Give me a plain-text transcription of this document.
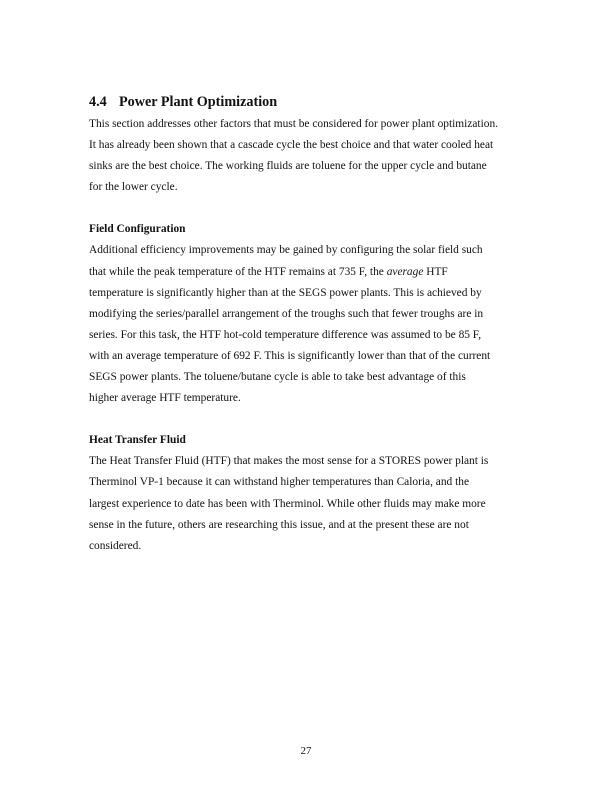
4.4 Power Plant Optimization

This section addresses other factors that must be considered for power plant optimization.
It has already been shown that a cascade cycle the best choice and that water cooled heat
sinks are the best choice. The working fluids are toluene for the upper cycle and butane
for the lower cycle.

Field Configuration

Additional efficiency improvements may be gained by configuring the solar field such
that while the peak temperature of the HTF remains at 735 F, the average HTF
temperature is significantly higher than at the SEGS power plants. This is achieved by
modifying the series/parallel arrangement of the troughs such that fewer troughs are in
series. For this task, the HTF hot-cold temperature difference was assumed to be 85 F,
with an average temperature of 692 F. This is significantly lower than that of the current
SEGS power plants. The toluene/butane cycle is able to take best advantage of this
higher average HTF temperature.

Heat Transfer Fluid

The Heat Transfer Fluid (HTF) that makes the most sense for a STORES power plant is
Therminol VP-1 because it can withstand higher temperatures than Caloria, and the
largest experience to date has been with Therminol. While other fluids may make more
sense in the future, others are researching this issue, and at the present these are not
considered.

27
